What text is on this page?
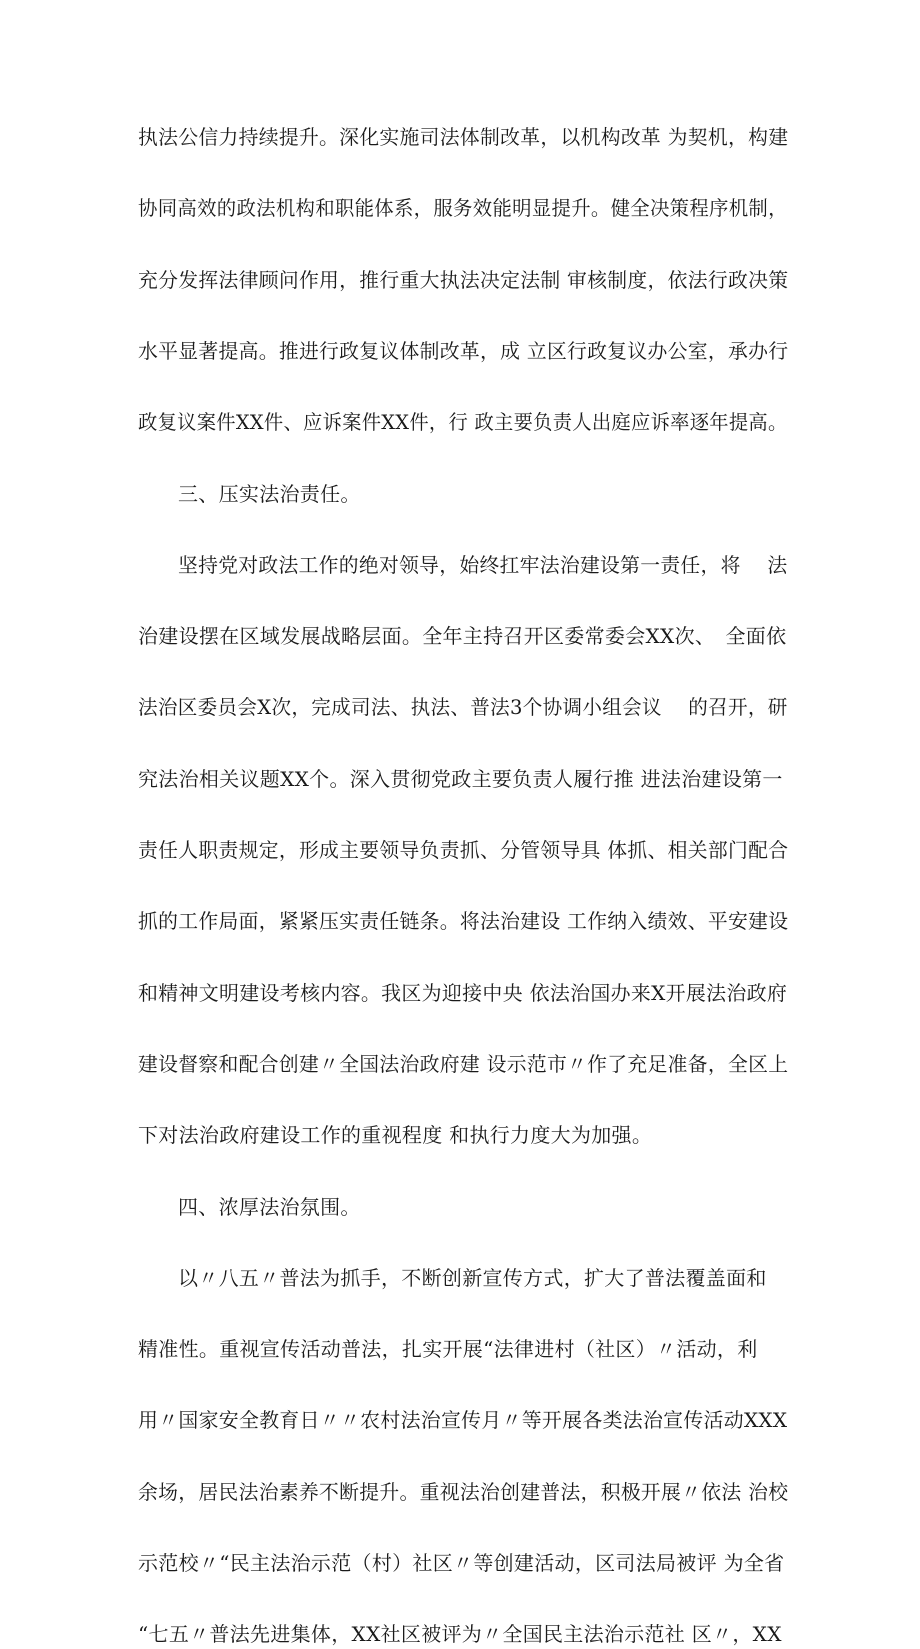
执法公信力持续提升。深化实施司法体制改革，以机构改革 为契机，构建
协同高效的政法机构和职能体系，服务效能明显提升。健全决策程序机制，
充分发挥法律顾问作用，推行重大执法决定法制 审核制度，依法行政决策
水平显著提高。推进行政复议体制改革，成 立区行政复议办公室，承办行
政复议案件XX件、应诉案件XX件，行 政主要负责人出庭应诉率逐年提高。
三、压实法治责任。
坚持党对政法工作的绝对领导，始终扛牢法治建设第一责任，将　 法
治建设摆在区域发展战略层面。全年主持召开区委常委会XX次、　全面依
法治区委员会X次，完成司法、执法、普法3个协调小组会议　 的召开，研
究法治相关议题XX个。深入贯彻党政主要负责人履行推 进法治建设第一
责任人职责规定，形成主要领导负责抓、分管领导具 体抓、相关部门配合
抓的工作局面，紧紧压实责任链条。将法治建设 工作纳入绩效、平安建设
和精神文明建设考核内容。我区为迎接中央 依法治国办来X开展法治政府
建设督察和配合创建〃全国法治政府建 设示范市〃作了充足准备，全区上
下对法治政府建设工作的重视程度 和执行力度大为加强。
四、浓厚法治氛围。
以〃八五〃普法为抓手，不断创新宣传方式，扩大了普法覆盖面和
精准性。重视宣传活动普法，扎实开展“法律进村（社区）〃活动，利
用〃国家安全教育日〃〃农村法治宣传月〃等开展各类法治宣传活动XXX
余场，居民法治素养不断提升。重视法治创建普法，积极开展〃依法 治校
示范校〃“民主法治示范（村）社区〃等创建活动，区司法局被评 为全省
“七五〃普法先进集体，XX社区被评为〃全国民主法治示范社 区〃，XX
